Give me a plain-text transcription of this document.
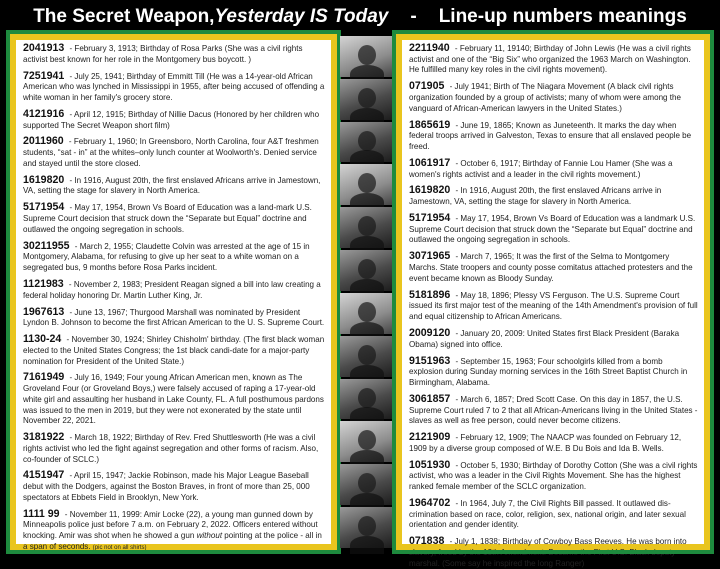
The Secret Weapon, Yesterday IS Today - Line-up numbers meanings
2041913 - February 3, 1913; Birthday of Rosa Parks (She was a civil rights activist best known for her role in the Montgomery bus boycott. )
7251941 - July 25, 1941; Birthday of Emmitt Till (He was a 14-year-old African American who was lynched in Mississippi in 1955, after being accused of offending a white woman in her family's grocery store.
4121916 - April 12, 1915; Birthday of Nillie Dacus (Honored by her children who supported The Secret Weapon short film)
2011960 - February 1, 1960; In Greensboro, North Carolina, four A&T freshmen students, “sat - in” at the whites–only lunch counter at Woolworth's. Denied service and stayed until the store closed.
1619820 - In 1916, August 20th, the first enslaved Africans arrive in Jamestown, VA, setting the stage for slavery in North America.
5171954 - May 17, 1954, Brown Vs Board of Education was a land-mark U.S. Supreme Court decision that struck down the “Separate but Equal” doctrine and outlawed the ongoing segregation in schools.
30211955 - March 2, 1955; Claudette Colvin was arrested at the age of 15 in Montgomery, Alabama, for refusing to give up her seat to a white woman on a segregated bus, 9 months before Rosa Parks incident.
1121983 - November 2, 1983; President Reagan signed a bill into law creating a federal holiday honoring Dr. Martin Luther King, Jr.
1967613 - June 13, 1967; Thurgood Marshall was nominated by President Lyndon B. Johnson to become the first African American to the U. S. Supreme Court.
1130-24 - November 30, 1924; Shirley Chisholm' birthday. (The first black woman elected to the United States Congress; the 1st black candi-date for a major-party nomination for President of the United State.)
7161949 - July 16, 1949; Four young African American men, known as The Groveland Four (or Groveland Boys,) were falsely accused of raping a 17-year-old white girl and assaulting her husband in Lake County, FL. A full posthumous pardons was issued to the men in 2019, but they were not exonerated by the state until November 22, 2021.
3181922 - March 18, 1922; Birthday of Rev. Fred Shuttlesworth (He was a civil rights activist who led the fight against segregation and other forms of racism. Also, co-founder of SCLC.)
4151947 - April 15, 1947; Jackie Robinson, made his Major League Baseball debut with the Dodgers, against the Boston Braves, in front of more than 25, 000 spectators at Ebbets Field in Brooklyn, New York.
1111 99 - November 11, 1999: Amir Locke (22), a young man gunned down by Minneapolis police just before 7 a.m. on February 2, 2022. Officers entered without knocking. Amir was shot when he showed a gun without pointing at the police - all in a span of seconds. (pic not on all shirts)
2211940 - February 11, 19140; Birthday of John Lewis (He was a civil rights activist and one of the “Big Six” who organized the 1963 March on Washington. He fulfilled many key roles in the civil rights movement).
071905 - July 1941; Birth of The Niagara Movement (A black civil rights organization founded by a group of activists; many of whom were among the vanguard of African-American lawyers in the United States.)
1865619 - June 19, 1865; Known as Juneteenth. It marks the day when federal troops arrived in Galveston, Texas to ensure that all enslaved people be freed.
1061917 - October 6, 1917; Birthday of Fannie Lou Hamer (She was a women's rights activist and a leader in the civil rights movement.)
1619820 - In 1916, August 20th, the first enslaved Africans arrive in Jamestown, VA, setting the stage for slavery in North America.
5171954 - May 17, 1954, Brown Vs Board of Education was a landmark U.S. Supreme Court decision that struck down the “Separate but Equal” doctrine and outlawed the ongoing segregation in schools.
3071965 - March 7, 1965; It was the first of the Selma to Montgomery Marchs. State troopers and county posse comitatus attached protesters and the event became known as Bloody Sunday.
5181896 - May 18, 1896; Plessy VS Ferguson. The U.S. Supreme Court issued its first major test of the meaning of the 14th Amendment's provision of full and equal citizenship to African Americans.
2009120 - January 20, 2009: United States first Black President (Baraka Obama) signed into office.
9151963 - September 15, 1963; Four schoolgirls killed from a bomb explosion during Sunday morning services in the 16th Street Baptist Church in Birmingham, Alabama.
3061857 - March 6, 1857; Dred Scott Case. On this day in 1857, the U.S. Supreme Court ruled 7 to 2 that all African-Americans living in the United States - slaves as well as free person, could never become citizens.
2121909 - February 12, 1909; The NAACP was founded on February 12, 1909 by a diverse group composed of W.E. B Du Bois and Ida B. Wells.
1051930 - October 5, 1930; Birthday of Dorothy Cotton (She was a civil rights activist, who was a leader in the Civil Rights Movement. She has the highest ranked female member of the SCLC organization.
1964702 - In 1964, July 7, the Civil Rights Bill passed. It outlawed dis-crimination based on race, color, religion, sex, national origin, and later sexual orientation and gender identity.
071838 - July 1, 1838; Birthday of Cowboy Bass Reeves. He was born into slavery, freed by the 13th Amendment. Became the First U.S. Black deputy marshal. (Some say he inspired the long Ranger)
